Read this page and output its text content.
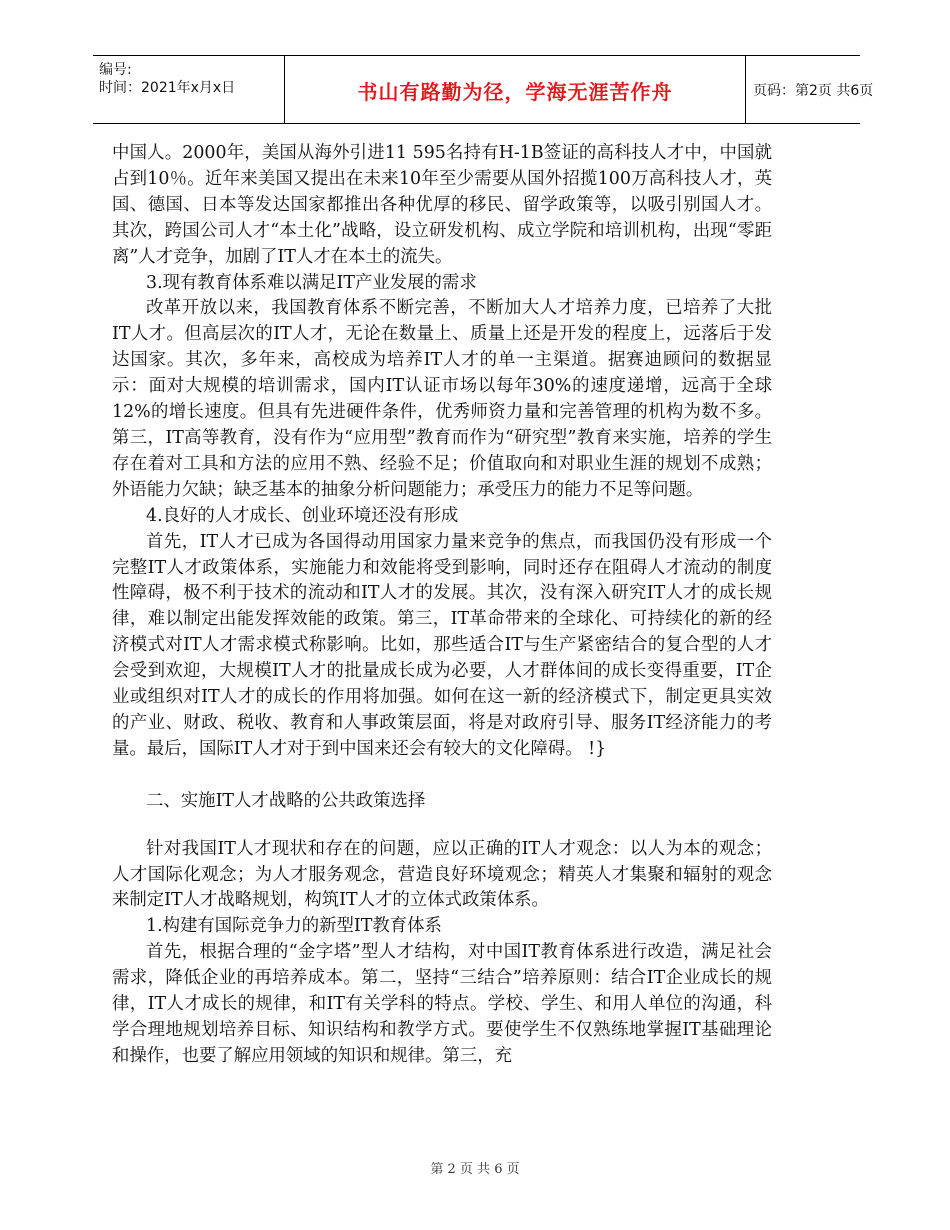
编号:
时间：2021年x月x日	书山有路勤为径，学海无涯苦作舟	页码：第2页 共6页

中国人。2000年，美国从海外引进11 595名持有H-1B签证的高科技人才中，中国就占到10％。近年来美国又提出在未来10年至少需要从国外招揽100万高科技人才，英国、德国、日本等发达国家都推出各种优厚的移民、留学政策等，以吸引别国人才。其次，跨国公司人才“本土化”战略，设立研发机构、成立学院和培训机构，出现“零距离”人才竞争，加剧了IT人才在本土的流失。

3.现有教育体系难以满足IT产业发展的需求

改革开放以来，我国教育体系不断完善，不断加大人才培养力度，已培养了大批IT人才。但高层次的IT人才，无论在数量上、质量上还是开发的程度上，远落后于发达国家。其次，多年来，高校成为培养IT人才的单一主渠道。据赛迪顾问的数据显示：面对大规模的培训需求，国内IT认证市场以每年30%的速度递增，远高于全球12%的增长速度。但具有先进硬件条件，优秀师资力量和完善管理的机构为数不多。第三，IT高等教育，没有作为“应用型”教育而作为“研究型”教育来实施，培养的学生存在着对工具和方法的应用不熟、经验不足；价值取向和对职业生涯的规划不成熟；外语能力欠缺；缺乏基本的抽象分析问题能力；承受压力的能力不足等问题。

4.良好的人才成长、创业环境还没有形成

首先，IT人才已成为各国得动用国家力量来竞争的焦点，而我国仍没有形成一个完整IT人才政策体系，实施能力和效能将受到影响，同时还存在阻碍人才流动的制度性障碍，极不利于技术的流动和IT人才的发展。其次，没有深入研究IT人才的成长规律，难以制定出能发挥效能的政策。第三，IT革命带来的全球化、可持续化的新的经济模式对IT人才需求模式称影响。比如，那些适合IT与生产紧密结合的复合型的人才会受到欢迎，大规模IT人才的批量成长成为必要，人才群体间的成长变得重要，IT企业或组织对IT人才的成长的作用将加强。如何在这一新的经济模式下，制定更具实效的产业、财政、税收、教育和人事政策层面，将是对政府引导、服务IT经济能力的考量。最后，国际IT人才对于到中国来还会有较大的文化障碍。 !}

二、实施IT人才战略的公共政策选择

针对我国IT人才现状和存在的问题，应以正确的IT人才观念：以人为本的观念；人才国际化观念；为人才服务观念，营造良好环境观念；精英人才集聚和辐射的观念来制定IT人才战略规划，构筑IT人才的立体式政策体系。

1.构建有国际竞争力的新型IT教育体系

首先，根据合理的“金字塔”型人才结构，对中国IT教育体系进行改造，满足社会需求，降低企业的再培养成本。第二，坚持“三结合”培养原则：结合IT企业成长的规律，IT人才成长的规律，和IT有关学科的特点。学校、学生、和用人单位的沟通，科学合理地规划培养目标、知识结构和教学方式。要使学生不仅熟练地掌握IT基础理论和操作，也要了解应用领域的知识和规律。第三，充

第 2 页 共 6 页
